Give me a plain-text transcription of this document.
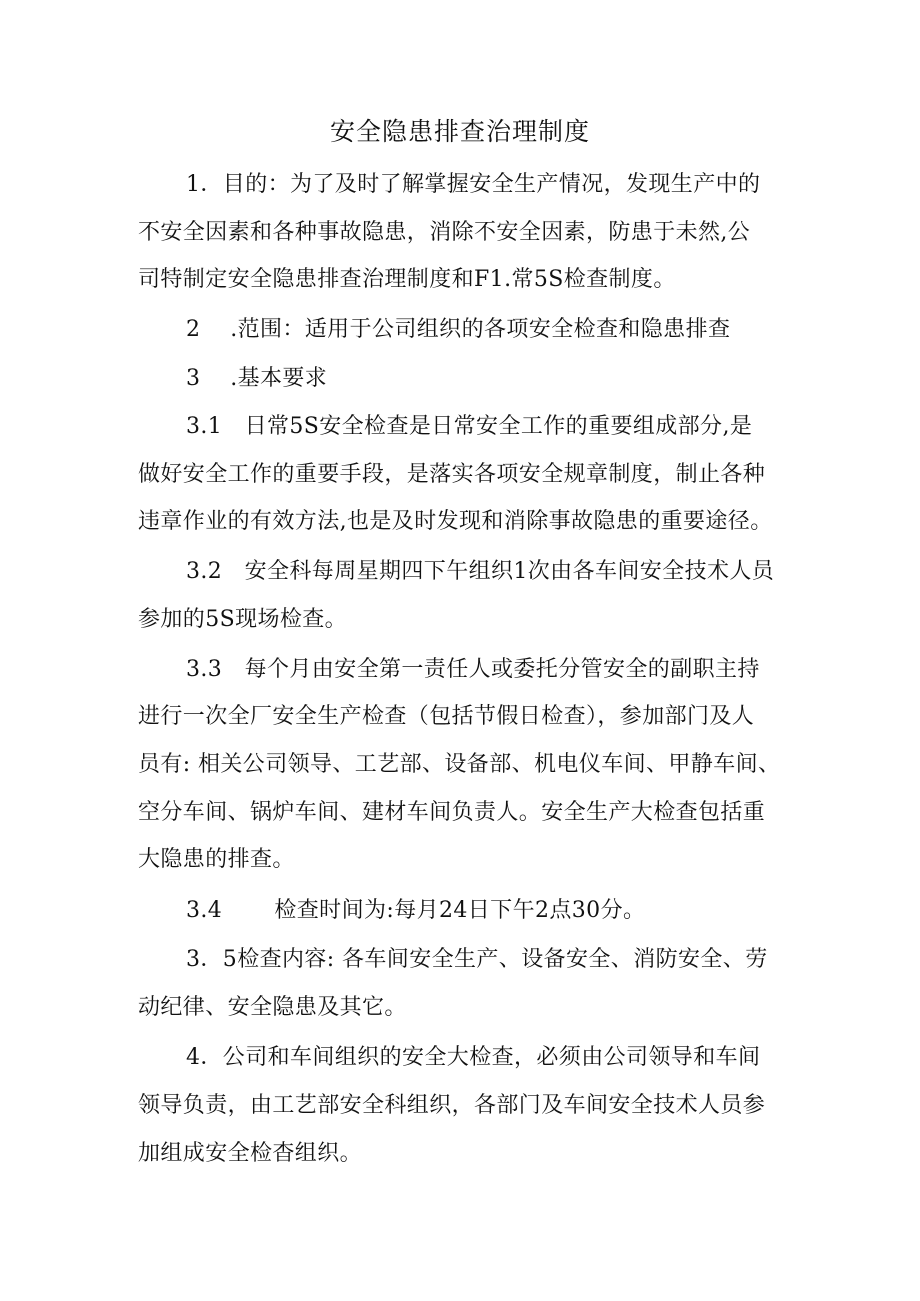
安全隐患排查治理制度
1．目的：为了及时了解掌握安全生产情况，发现生产中的
不安全因素和各种事故隐患，消除不安全因素，防患于未然,公
司特制定安全隐患排查治理制度和F1.常5S检查制度。
2　 .范围：适用于公司组织的各项安全检查和隐患排查
3　 .基本要求
3.1　日常5S安全检查是日常安全工作的重要组成部分,是
做好安全工作的重要手段，是落实各项安全规章制度，制止各种
违章作业的有效方法,也是及时发现和消除事故隐患的重要途径。
3.2　安全科每周星期四下午组织1次由各车间安全技术人员
参加的5S现场检查。
3.3　每个月由安全第一责任人或委托分管安全的副职主持
进行一次全厂安全生产检查（包括节假日检查），参加部门及人
员有: 相关公司领导、工艺部、设备部、机电仪车间、甲静车间、
空分车间、锅炉车间、建材车间负责人。安全生产大检查包括重
大隐患的排查。
3.4　　 检查时间为:每月24日下午2点30分。
3．5检查内容: 各车间安全生产、设备安全、消防安全、劳
动纪律、安全隐患及其它。
4．公司和车间组织的安全大检查，必须由公司领导和车间
领导负责，由工艺部安全科组织，各部门及车间安全技术人员参
加组成安全检杳组织。
